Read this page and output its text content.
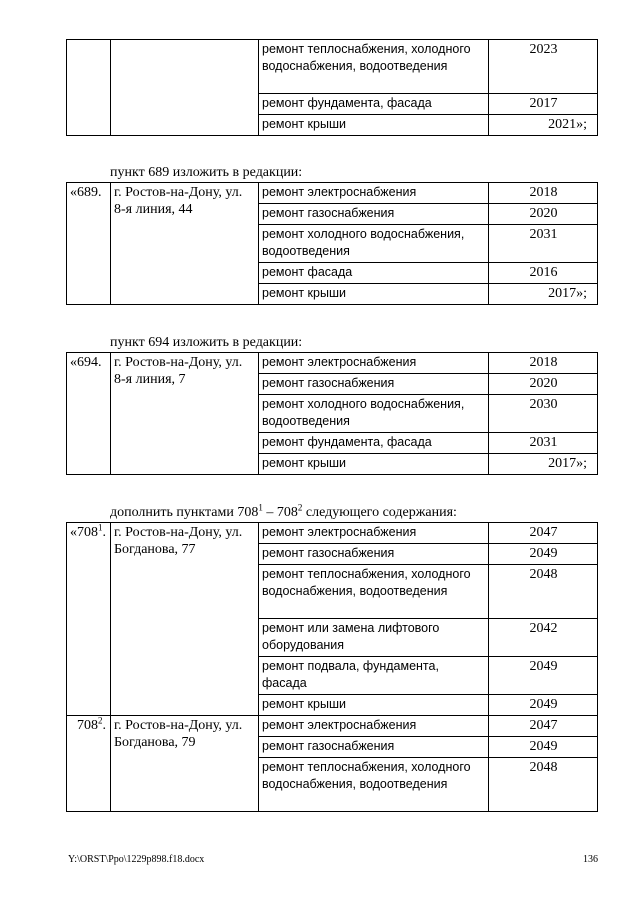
		ремонт теплоснабжения, холодного водоснабжения, водоотведения	2023
		ремонт фундамента, фасада	2017
		ремонт крыши	2021»;
пункт 689 изложить в редакции:
«689.	г. Ростов-на-Дону, ул. 8-я линия, 44	ремонт электроснабжения	2018
		ремонт газоснабжения	2020
		ремонт холодного водоснабжения, водоотведения	2031
		ремонт фасада	2016
		ремонт крыши	2017»;
пункт 694 изложить в редакции:
«694.	г. Ростов-на-Дону, ул. 8-я линия, 7	ремонт электроснабжения	2018
		ремонт газоснабжения	2020
		ремонт холодного водоснабжения, водоотведения	2030
		ремонт фундамента, фасада	2031
		ремонт крыши	2017»;
дополнить пунктами $708^1 - 708^2$ следующего содержания:
«$708^1$.	г. Ростов-на-Дону, ул. Богданова, 77	ремонт электроснабжения	2047
		ремонт газоснабжения	2049
		ремонт теплоснабжения, холодного водоснабжения, водоотведения	2048
		ремонт или замена лифтового оборудования	2042
		ремонт подвала, фундамента, фасада	2049
		ремонт крыши	2049
$708^2$.	г. Ростов-на-Дону, ул. Богданова, 79	ремонт электроснабжения	2047
		ремонт газоснабжения	2049
		ремонт теплоснабжения, холодного водоснабжения, водоотведения	2048
Y:\ORST\Ppo\1229p898.f18.docx	136
